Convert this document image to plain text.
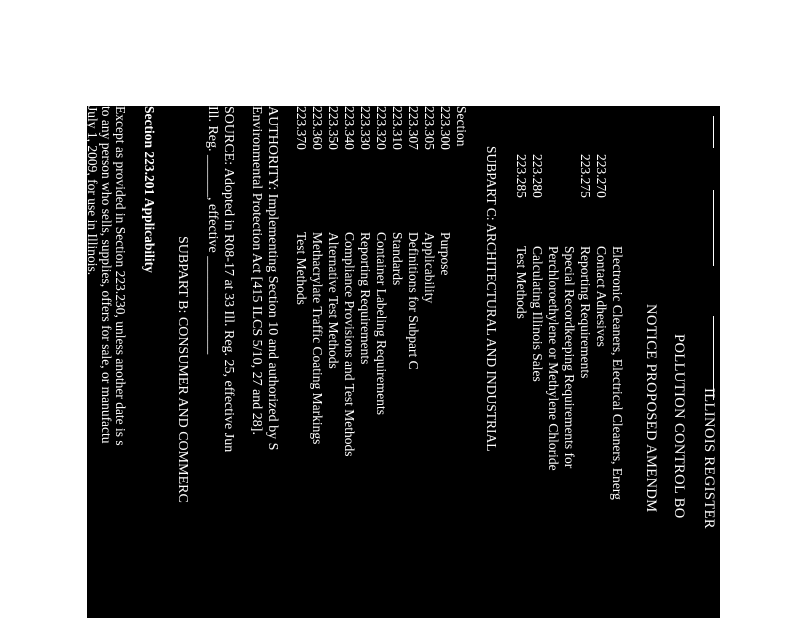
ILLINOIS REGISTER
POLLUTION CONTROL BO
NOTICE PROPOSED AMENDM
Electronic Cleaners, Electrical Cleaners, Energ
223.270
Contact Adhesives
223.275
Reporting Requirements
Special Recordkeeping Requirements for
Perchloroethylene or Methylene Chloride
223.280
Calculating Illinois Sales
223.285
Test Methods
SUBPART C: ARCHITECTURAL AND INDUSTRIAL
Section
223.300
Purpose
223.305
Applicability
223.307
Definitions for Subpart C
223.310
Standards
223.320
Container Labeling Requirements
223.330
Reporting Requirements
223.340
Compliance Provisions and Test Methods
223.350
Alternative Test Methods
223.360
Methacrylate Traffic Coating Markings
223.370
Test Methods
AUTHORITY: Implementing Section 10 and authorized by S
Environmental Protection Act [415 ILCS 5/10, 27 and 28].
SOURCE: Adopted in R08-17 at 33 Ill. Reg. 25, effective Jun
Ill. Reg. ______, effective ______________
SUBPART B: CONSUMER AND COMMERC
Section 223.201 Applicability
Except as provided in Section 223.230, unless another date is s
to any person who sells, supplies, offers for sale, or manufactu
July 1, 2009, for use in Illinois.
